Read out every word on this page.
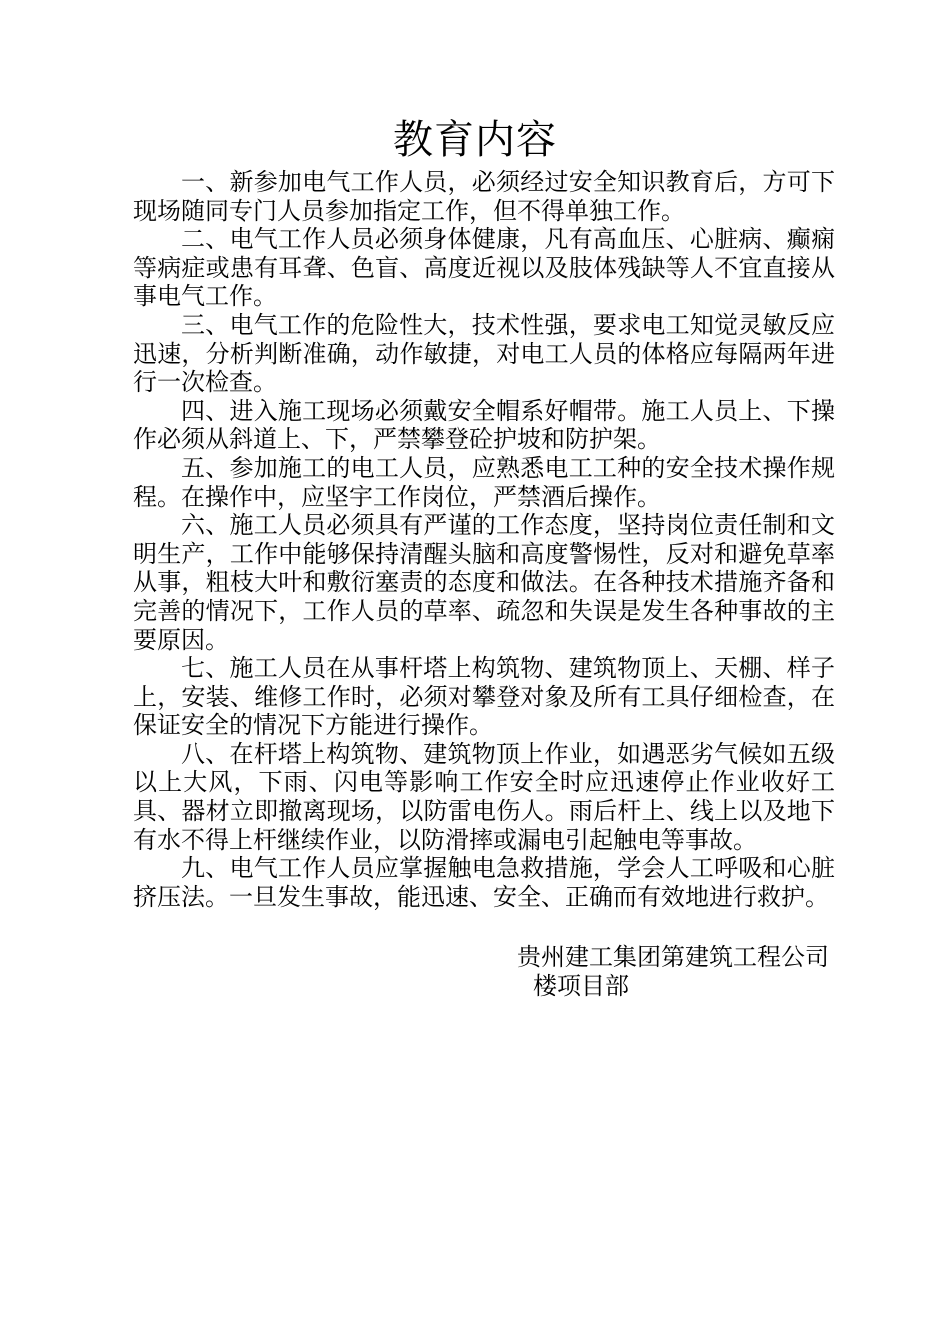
教育内容

一、新参加电气工作人员，必须经过安全知识教育后，方可下现场随同专门人员参加指定工作，但不得单独工作。

二、电气工作人员必须身体健康，凡有高血压、心脏病、癫痫等病症或患有耳聋、色盲、高度近视以及肢体残缺等人不宜直接从事电气工作。

三、电气工作的危险性大，技术性强，要求电工知觉灵敏反应迅速，分析判断准确，动作敏捷，对电工人员的体格应每隔两年进行一次检查。

四、进入施工现场必须戴安全帽系好帽带。施工人员上、下操作必须从斜道上、下，严禁攀登砼护坡和防护架。

五、参加施工的电工人员，应熟悉电工工种的安全技术操作规程。在操作中，应坚宇工作岗位，严禁酒后操作。

六、施工人员必须具有严谨的工作态度，坚持岗位责任制和文明生产，工作中能够保持清醒头脑和高度警惕性，反对和避免草率从事，粗枝大叶和敷衍塞责的态度和做法。在各种技术措施齐备和完善的情况下，工作人员的草率、疏忽和失误是发生各种事故的主要原因。

七、施工人员在从事杆塔上构筑物、建筑物顶上、天棚、样子上，安装、维修工作时，必须对攀登对象及所有工具仔细检查，在保证安全的情况下方能进行操作。

八、在杆塔上构筑物、建筑物顶上作业，如遇恶劣气候如五级以上大风，下雨、闪电等影响工作安全时应迅速停止作业收好工具、器材立即撤离现场，以防雷电伤人。雨后杆上、线上以及地下有水不得上杆继续作业，以防滑摔或漏电引起触电等事故。

九、电气工作人员应掌握触电急救措施，学会人工呼吸和心脏挤压法。一旦发生事故，能迅速、安全、正确而有效地进行救护。

贵州建工集团第建筑工程公司
楼项目部
